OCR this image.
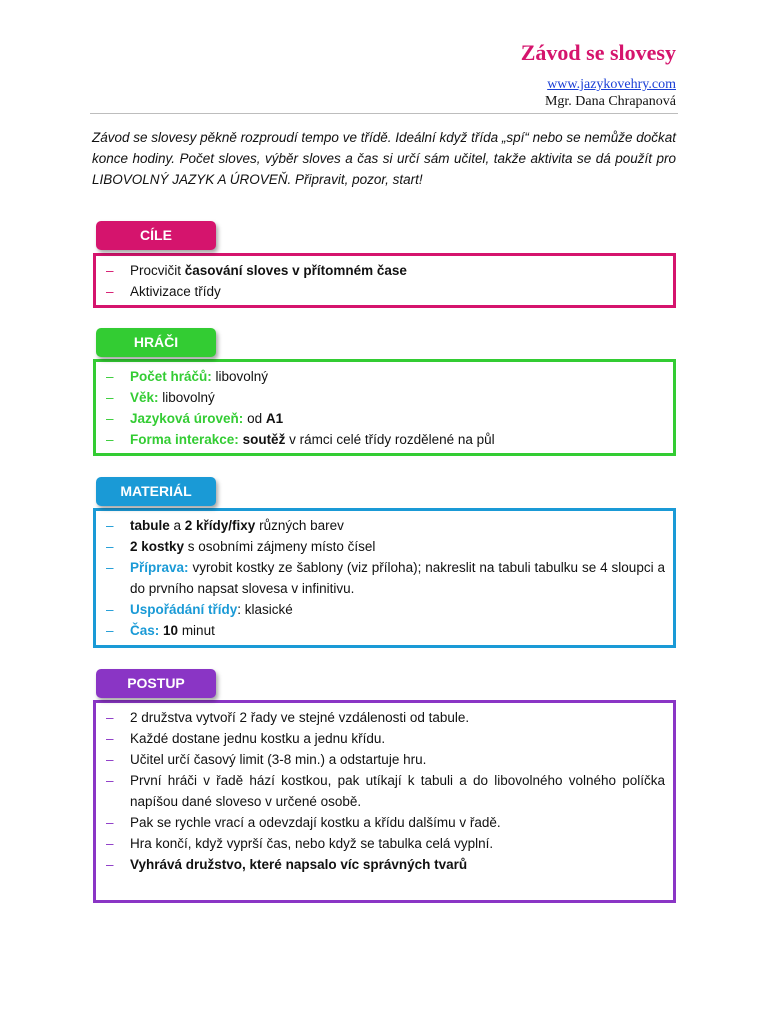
Závod se slovesy
www.jazykovehry.com
Mgr. Dana Chrapanová
Závod se slovesy pěkně rozproudí tempo ve třídě. Ideální když třída „spí“ nebo se nemůže dočkat konce hodiny. Počet sloves, výběr sloves a čas si určí sám učitel, takže aktivita se dá použít pro LIBOVOLNÝ JAZYK A ÚROVEŇ. Připravit, pozor, start!
– Procvičit časování sloves v přítomném čase
– Aktivizace třídy
CÍLE
– Počet hráčů: libovolný
– Věk: libovolný
– Jazyková úroveň: od A1
– Forma interakce: soutěž v rámci celé třídy rozdělené na půl
HRÁČI
– tabule a 2 křídy/fixy různých barev
– 2 kostky s osobními zájmeny místo čísel
– Příprava: vyrobit kostky ze šablony (viz příloha); nakreslit na tabuli tabulku se 4 sloupci a do prvního napsat slovesa v infinitivu.
– Uspořádání třídy: klasické
– Čas: 10 minut
MATERIÁL
– 2 družstva vytvoří 2 řady ve stejné vzdálenosti od tabule.
– Každé dostane jednu kostku a jednu křídu.
– Učitel určí časový limit (3-8 min.) a odstartuje hru.
– První hráči v řadě hází kostkou, pak utíkají k tabuli a do libovolného volného políčka napíšou dané sloveso v určené osobě.
– Pak se rychle vrací a odevzdají kostku a křídu dalšímu v řadě.
– Hra končí, když vyprší čas, nebo když se tabulka celá vyplní.
– Vyhrává družstvo, které napsalo víc správných tvarů
POSTUP
